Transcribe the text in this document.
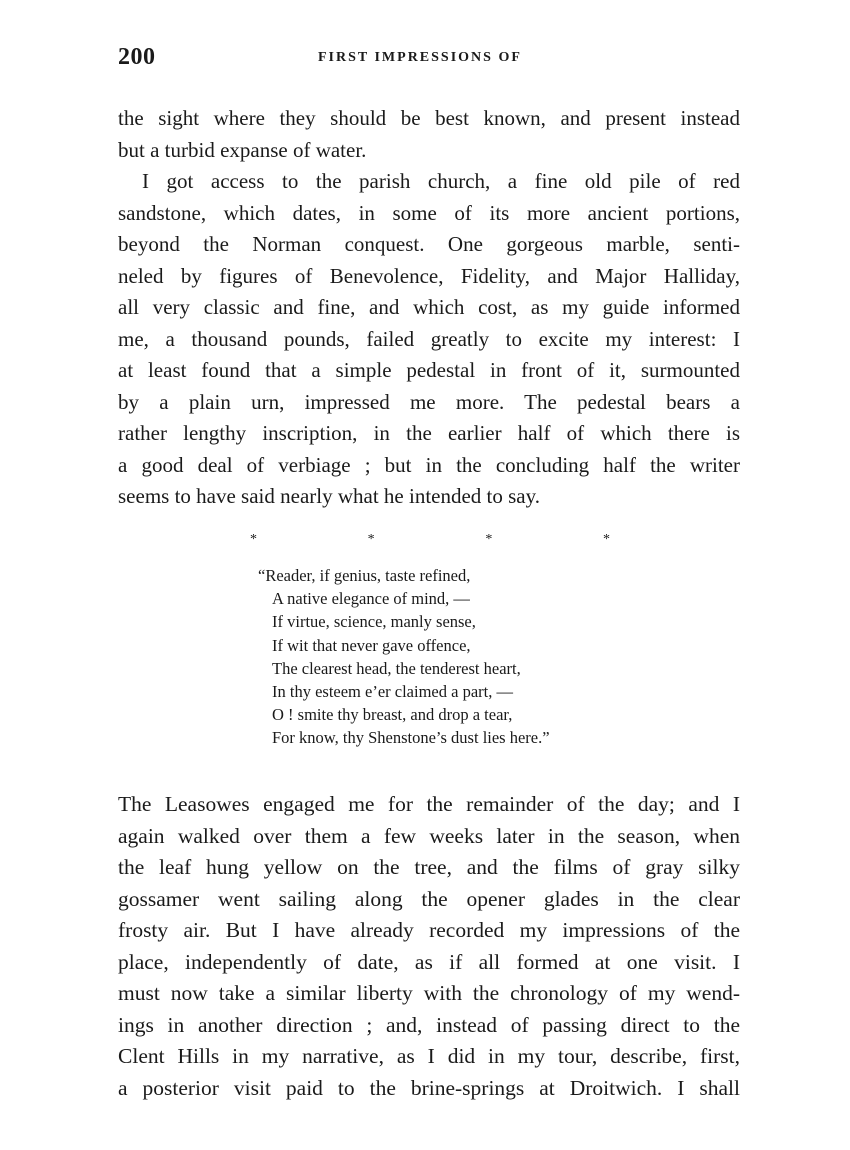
200	FIRST IMPRESSIONS OF

the sight where they should be best known, and present instead
but a turbid expanse of water.

I got access to the parish church, a fine old pile of red
sandstone, which dates, in some of its more ancient portions,
beyond the Norman conquest. One gorgeous marble, senti-
neled by figures of Benevolence, Fidelity, and Major Halliday,
all very classic and fine, and which cost, as my guide informed
me, a thousand pounds, failed greatly to excite my interest: I
at least found that a simple pedestal in front of it, surmounted
by a plain urn, impressed me more. The pedestal bears a
rather lengthy inscription, in the earlier half of which there is
a good deal of verbiage ; but in the concluding half the writer
seems to have said nearly what he intended to say.

*	*	*	*
“Reader, if genius, taste refined,
A native elegance of mind, —
If virtue, science, manly sense,
If wit that never gave offence,
The clearest head, the tenderest heart,
In thy esteem e’er claimed a part, —
O ! smite thy breast, and drop a tear,
For know, thy Shenstone’s dust lies here.”

The Leasowes engaged me for the remainder of the day; and I
again walked over them a few weeks later in the season, when
the leaf hung yellow on the tree, and the films of gray silky
gossamer went sailing along the opener glades in the clear
frosty air. But I have already recorded my impressions of the
place, independently of date, as if all formed at one visit. I
must now take a similar liberty with the chronology of my wend-
ings in another direction ; and, instead of passing direct to the
Clent Hills in my narrative, as I did in my tour, describe, first,
a posterior visit paid to the brine-springs at Droitwich. I shall
